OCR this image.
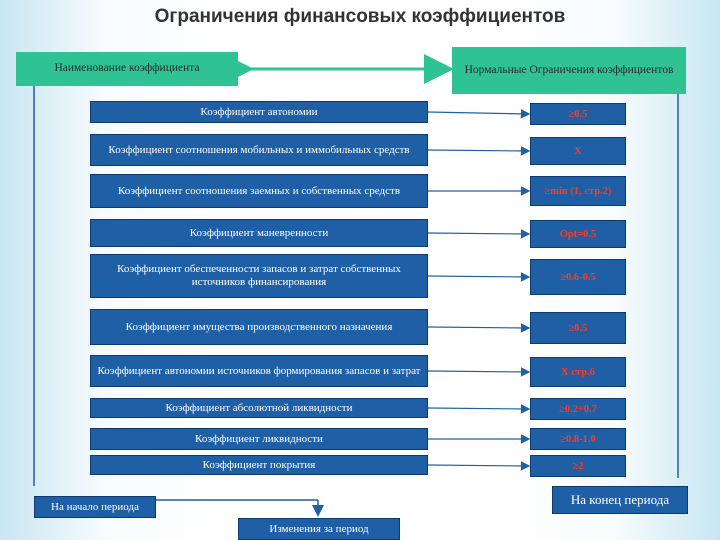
Ограничения финансовых коэффициентов
Наименование коэффициента	Нормальные Ограничения коэффициентов
Коэффициент автономии	≥0.5
Коэффициент соотношения мобильных и иммобильных средств	Х
Коэффициент соотношения заемных и собственных средств	≥min (1, стр.2)
Коэффициент маневренности	Opt=0.5
Коэффициент обеспеченности запасов и затрат собственных источников финансирования	≥0.6-0.5
Коэффициент имущества производственного назначения	≥0.5
Коэффициент автономии источников формирования запасов и затрат	Х стр.6
Коэффициент абсолютной ликвидности	≥0.2÷0.7
Коэффициент ликвидности	≥0.8-1.0
Коэффициент покрытия	≥2
На начало периода	На конец периода
Изменения за период
